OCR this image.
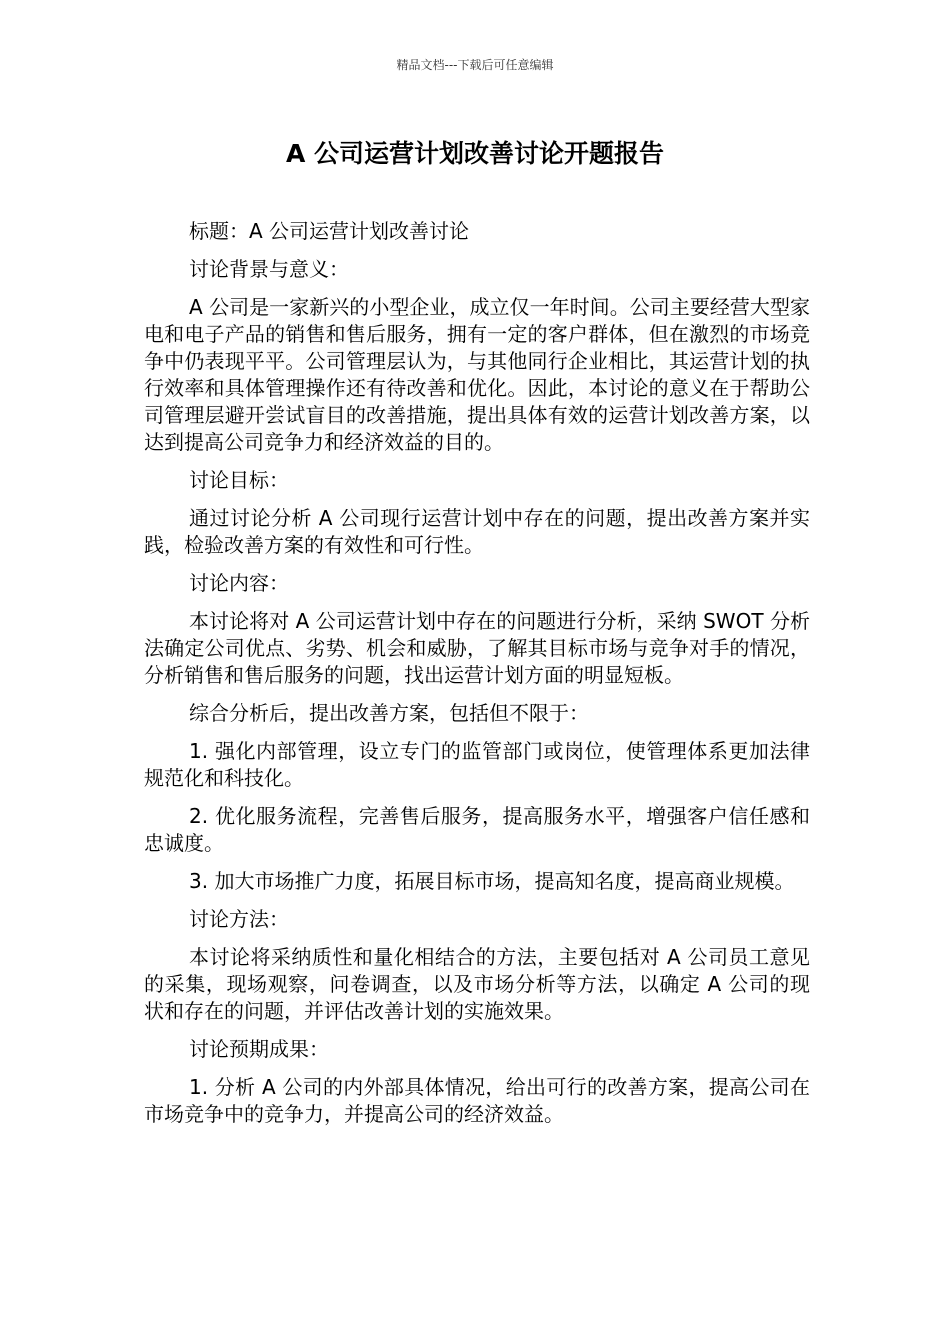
精品文档---下载后可任意编辑
A 公司运营计划改善讨论开题报告

标题：A 公司运营计划改善讨论

讨论背景与意义：

A 公司是一家新兴的小型企业，成立仅一年时间。公司主要经营大型家电和电子产品的销售和售后服务，拥有一定的客户群体，但在激烈的市场竞争中仍表现平平。公司管理层认为，与其他同行企业相比，其运营计划的执行效率和具体管理操作还有待改善和优化。因此，本讨论的意义在于帮助公司管理层避开尝试盲目的改善措施，提出具体有效的运营计划改善方案，以达到提高公司竞争力和经济效益的目的。

讨论目标：

通过讨论分析 A 公司现行运营计划中存在的问题，提出改善方案并实践，检验改善方案的有效性和可行性。

讨论内容：

本讨论将对 A 公司运营计划中存在的问题进行分析，采纳 SWOT 分析法确定公司优点、劣势、机会和威胁，了解其目标市场与竞争对手的情况，分析销售和售后服务的问题，找出运营计划方面的明显短板。

综合分析后，提出改善方案，包括但不限于：

1. 强化内部管理，设立专门的监管部门或岗位，使管理体系更加法律规范化和科技化。

2. 优化服务流程，完善售后服务，提高服务水平，增强客户信任感和忠诚度。

3. 加大市场推广力度，拓展目标市场，提高知名度，提高商业规模。

讨论方法：

本讨论将采纳质性和量化相结合的方法，主要包括对 A 公司员工意见的采集，现场观察，问卷调查，以及市场分析等方法，以确定 A 公司的现状和存在的问题，并评估改善计划的实施效果。

讨论预期成果：

1. 分析 A 公司的内外部具体情况，给出可行的改善方案，提高公司在市场竞争中的竞争力，并提高公司的经济效益。
